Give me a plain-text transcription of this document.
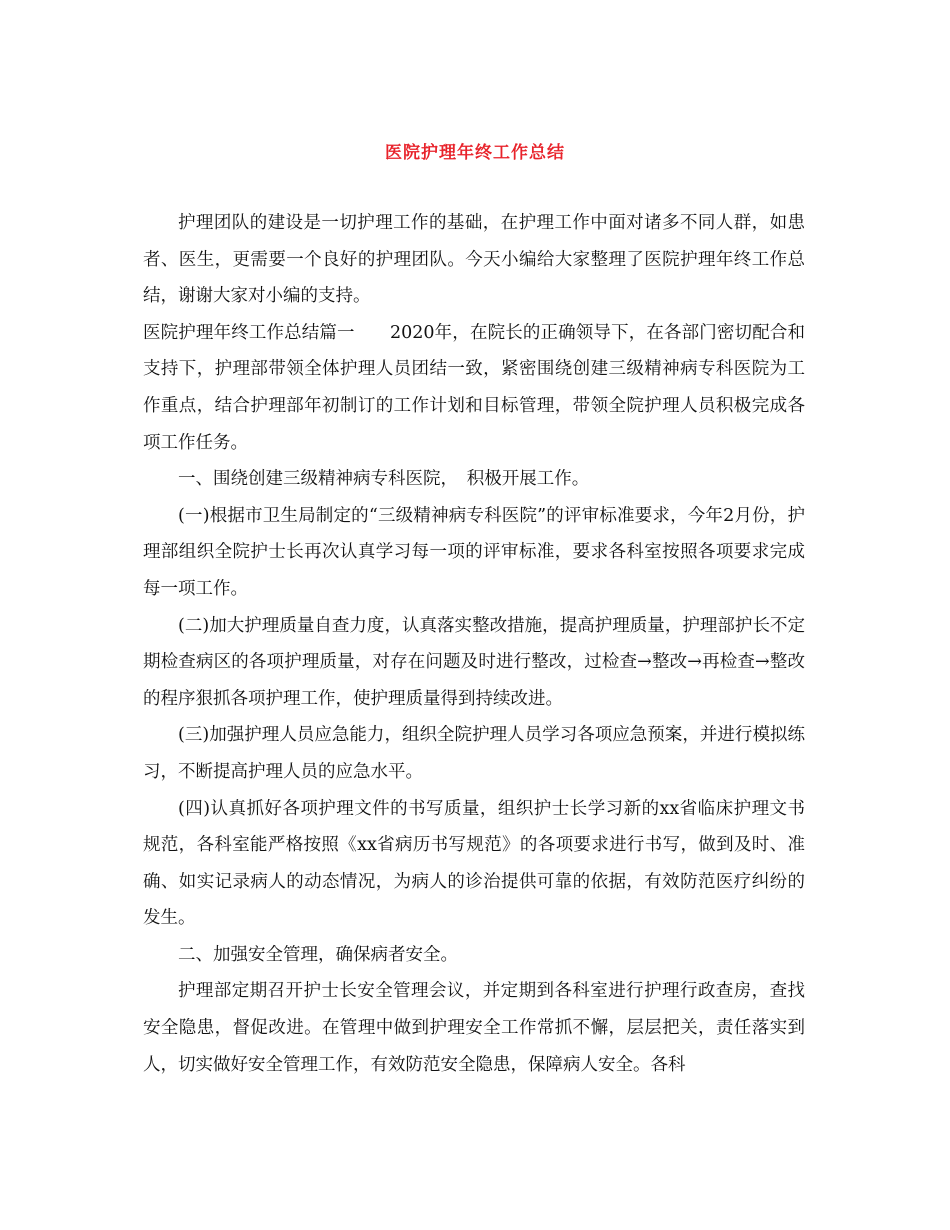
医院护理年终工作总结

护理团队的建设是一切护理工作的基础，在护理工作中面对诸多不同人群，如患者、医生，更需要一个良好的护理团队。今天小编给大家整理了医院护理年终工作总结，谢谢大家对小编的支持。

医院护理年终工作总结篇一　　2020年，在院长的正确领导下，在各部门密切配合和支持下，护理部带领全体护理人员团结一致，紧密围绕创建三级精神病专科医院为工作重点，结合护理部年初制订的工作计划和目标管理，带领全院护理人员积极完成各项工作任务。

一、围绕创建三级精神病专科医院，　积极开展工作。

(一)根据市卫生局制定的“三级精神病专科医院”的评审标准要求，今年2月份，护理部组织全院护士长再次认真学习每一项的评审标准，要求各科室按照各项要求完成每一项工作。

(二)加大护理质量自查力度，认真落实整改措施，提高护理质量，护理部护长不定期检查病区的各项护理质量，对存在问题及时进行整改，过检查→整改→再检查→整改的程序狠抓各项护理工作，使护理质量得到持续改进。

(三)加强护理人员应急能力，组织全院护理人员学习各项应急预案，并进行模拟练习，不断提高护理人员的应急水平。

(四)认真抓好各项护理文件的书写质量，组织护士长学习新的xx省临床护理文书规范，各科室能严格按照《xx省病历书写规范》的各项要求进行书写，做到及时、准确、如实记录病人的动态情况，为病人的诊治提供可靠的依据，有效防范医疗纠纷的发生。

二、加强安全管理，确保病者安全。

护理部定期召开护士长安全管理会议，并定期到各科室进行护理行政查房，查找安全隐患，督促改进。在管理中做到护理安全工作常抓不懈，层层把关，责任落实到人，切实做好安全管理工作，有效防范安全隐患，保障病人安全。各科
